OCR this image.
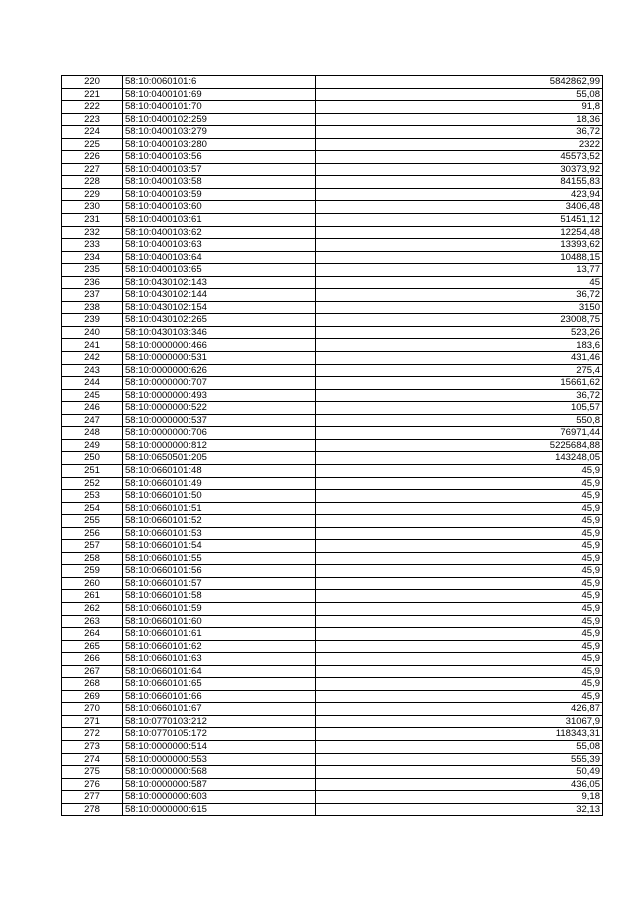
220	58:10:0060101:6	5842862,99
221	58:10:0400101:69	55,08
222	58:10:0400101:70	91,8
223	58:10:0400102:259	18,36
224	58:10:0400103:279	36,72
225	58:10:0400103:280	2322
226	58:10:0400103:56	45573,52
227	58:10:0400103:57	30373,92
228	58:10:0400103:58	84155,83
229	58:10:0400103:59	423,94
230	58:10:0400103:60	3406,48
231	58:10:0400103:61	51451,12
232	58:10:0400103:62	12254,48
233	58:10:0400103:63	13393,62
234	58:10:0400103:64	10488,15
235	58:10:0400103:65	13,77
236	58:10:0430102:143	45
237	58:10:0430102:144	36,72
238	58:10:0430102:154	3150
239	58:10:0430102:265	23008,75
240	58:10:0430103:346	523,26
241	58:10:0000000:466	183,6
242	58:10:0000000:531	431,46
243	58:10:0000000:626	275,4
244	58:10:0000000:707	15661,62
245	58:10:0000000:493	36,72
246	58:10:0000000:522	105,57
247	58:10:0000000:537	550,8
248	58:10:0000000:706	76971,44
249	58:10:0000000:812	5225684,88
250	58:10:0650501:205	143248,05
251	58:10:0660101:48	45,9
252	58:10:0660101:49	45,9
253	58:10:0660101:50	45,9
254	58:10:0660101:51	45,9
255	58:10:0660101:52	45,9
256	58:10:0660101:53	45,9
257	58:10:0660101:54	45,9
258	58:10:0660101:55	45,9
259	58:10:0660101:56	45,9
260	58:10:0660101:57	45,9
261	58:10:0660101:58	45,9
262	58:10:0660101:59	45,9
263	58:10:0660101:60	45,9
264	58:10:0660101:61	45,9
265	58:10:0660101:62	45,9
266	58:10:0660101:63	45,9
267	58:10:0660101:64	45,9
268	58:10:0660101:65	45,9
269	58:10:0660101:66	45,9
270	58:10:0660101:67	426,87
271	58:10:0770103:212	31067,9
272	58:10:0770105:172	118343,31
273	58:10:0000000:514	55,08
274	58:10:0000000:553	555,39
275	58:10:0000000:568	50,49
276	58:10:0000000:587	436,05
277	58:10:0000000:603	9,18
278	58:10:0000000:615	32,13
